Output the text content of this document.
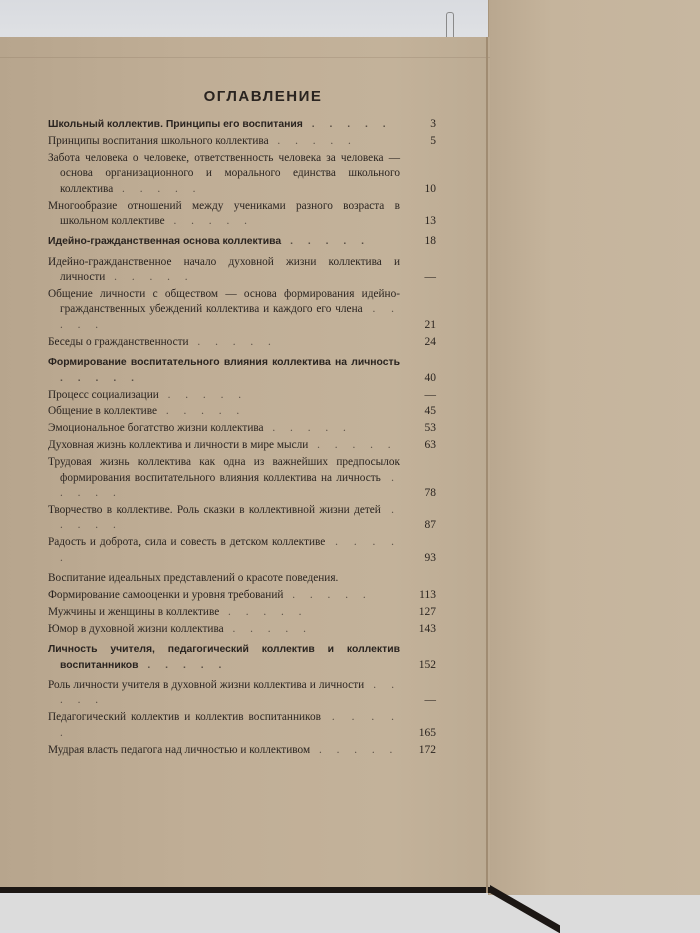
ОГЛАВЛЕНИЕ
Школьный коллектив. Принципы его воспитания . . . . .	3
Принципы воспитания школьного коллектива . . . . .	5
Забота человека о человеке, ответственность человека за человека — основа организационного и морального единства школьного коллектива . . . . .	10
Многообразие отношений между учениками разного возраста в школьном коллективе . . . . .	13
Идейно-гражданственная основа коллектива . . . . .	18
Идейно-гражданственное начало духовной жизни коллектива и личности . . . . .	—
Общение личности с обществом — основа формирования идейно-гражданственных убеждений коллектива и каждого его члена . . . . .	21
Беседы о гражданственности . . . . .	24
Формирование воспитательного влияния коллектива на личность . . . . .	40
Процесс социализации . . . . .	—
Общение в коллективе . . . . .	45
Эмоциональное богатство жизни коллектива . . . . .	53
Духовная жизнь коллектива и личности в мире мысли . . . . . 63
Трудовая жизнь коллектива как одна из важнейших предпосылок формирования воспитательного влияния коллектива на личность . . . . .	78
Творчество в коллективе. Роль сказки в коллективной жизни детей . . . . .	87
Радость и доброта, сила и совесть в детском коллективе . . . . .	93
Воспитание идеальных представлений о красоте поведения.
Формирование самооценки и уровня требований . . . . .	113
Мужчины и женщины в коллективе . . . . .	127
Юмор в духовной жизни коллектива . . . . .	143
Личность учителя, педагогический коллектив и коллектив воспитанников . . . . .	152
Роль личности учителя в духовной жизни коллектива и личности . . . . .	—
Педагогический коллектив и коллектив воспитанников . . . . .	165
Мудрая власть педагога над личностью и коллективом . . . . . 172
